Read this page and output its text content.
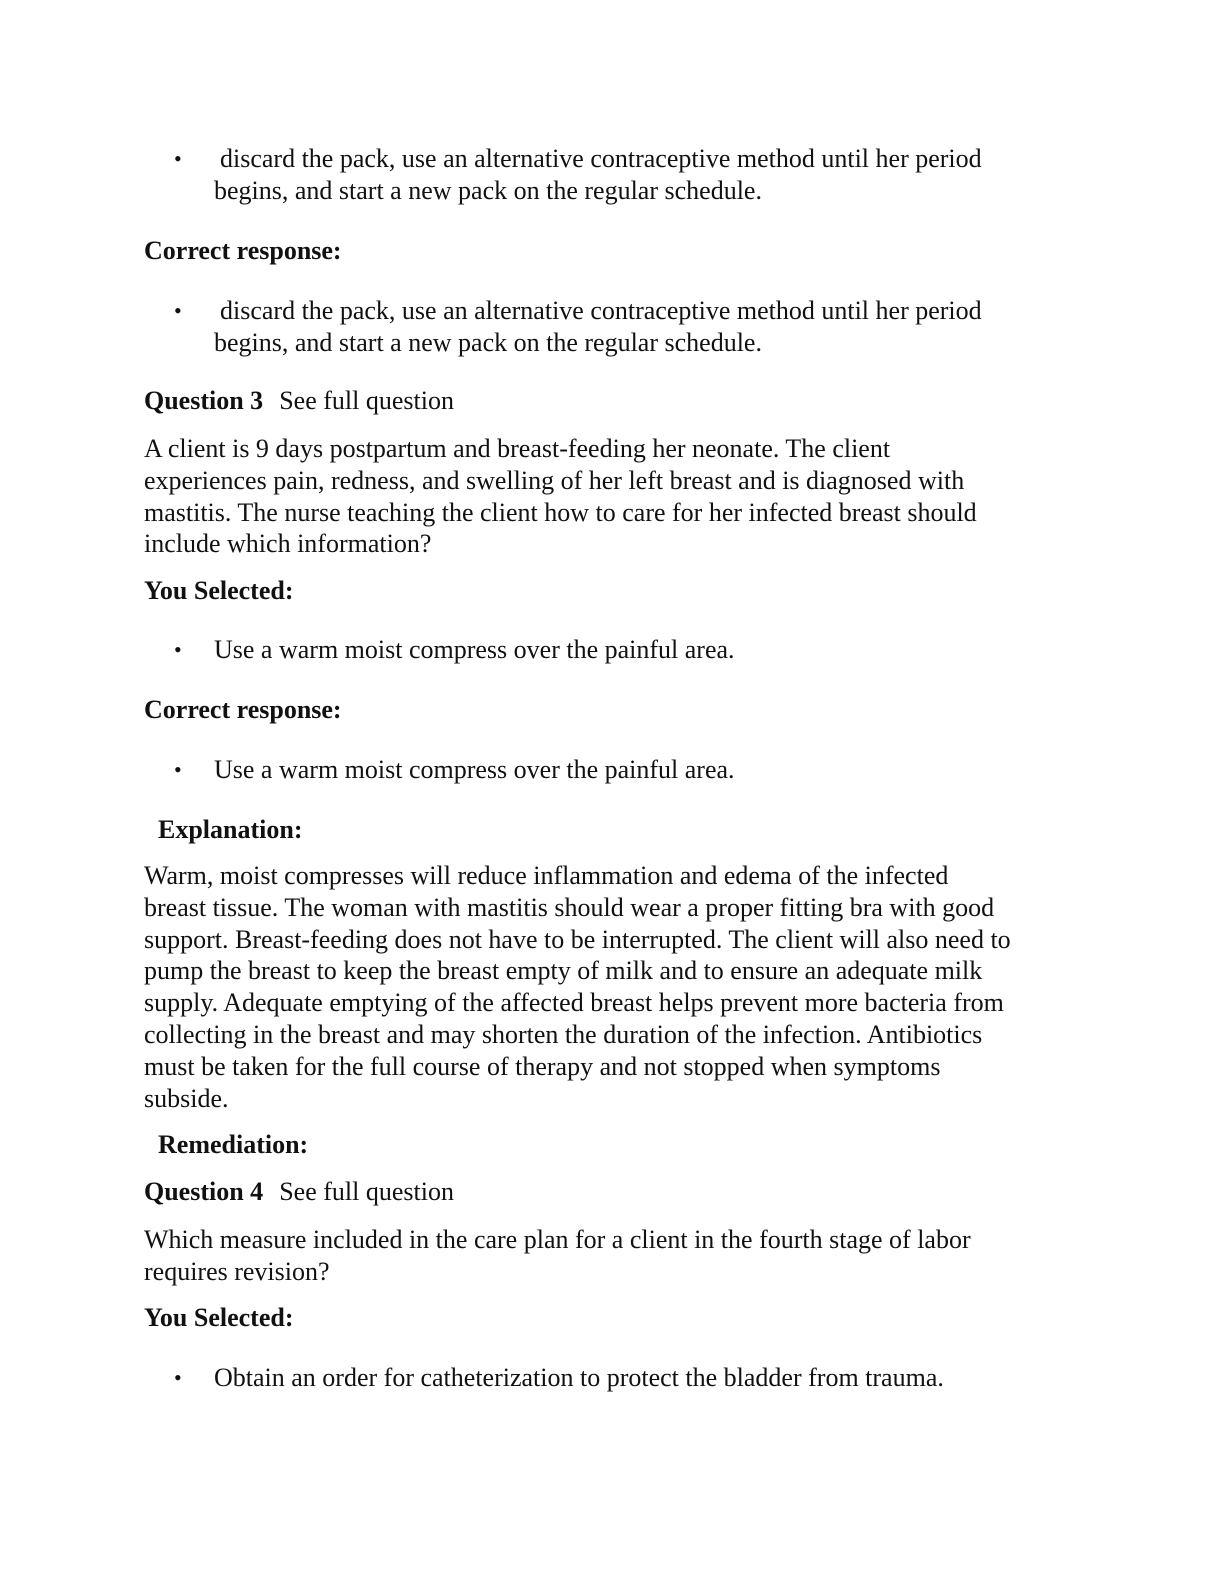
•	discard the pack, use an alternative contraceptive method until her period
begins, and start a new pack on the regular schedule.
Correct response:
•	discard the pack, use an alternative contraceptive method until her period
begins, and start a new pack on the regular schedule.
Question 3 See full question
A client is 9 days postpartum and breast-feeding her neonate. The client
experiences pain, redness, and swelling of her left breast and is diagnosed with
mastitis. The nurse teaching the client how to care for her infected breast should
include which information?
You Selected:
•	Use a warm moist compress over the painful area.
Correct response:
•	Use a warm moist compress over the painful area.
Explanation:
Warm, moist compresses will reduce inflammation and edema of the infected
breast tissue. The woman with mastitis should wear a proper fitting bra with good
support. Breast-feeding does not have to be interrupted. The client will also need to
pump the breast to keep the breast empty of milk and to ensure an adequate milk
supply. Adequate emptying of the affected breast helps prevent more bacteria from
collecting in the breast and may shorten the duration of the infection. Antibiotics
must be taken for the full course of therapy and not stopped when symptoms
subside.
Remediation:
Question 4 See full question
Which measure included in the care plan for a client in the fourth stage of labor
requires revision?
You Selected:
•	Obtain an order for catheterization to protect the bladder from trauma.
